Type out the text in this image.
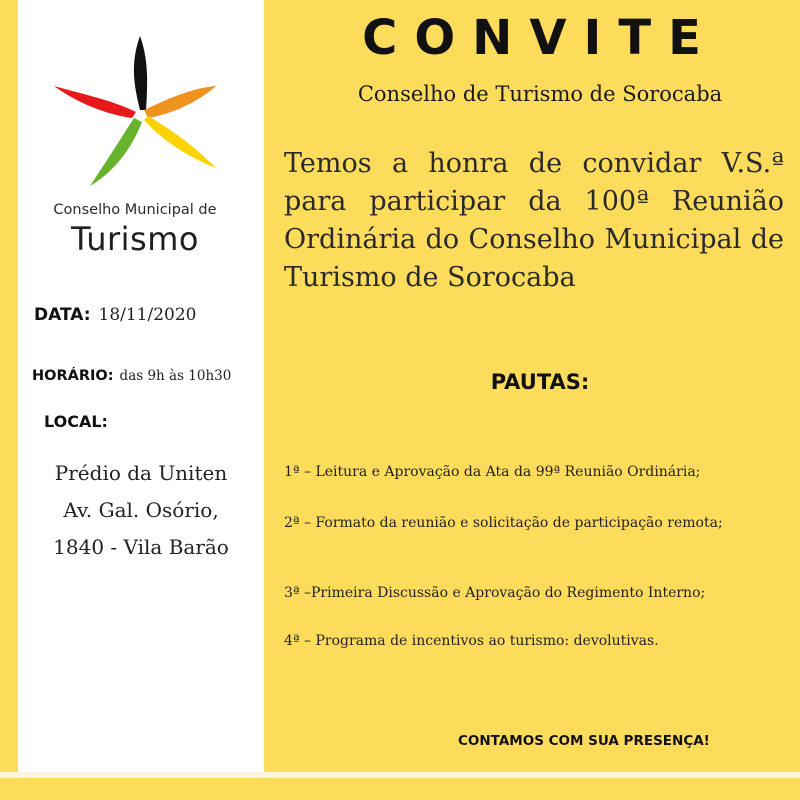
Conselho Municipal de
Turismo
DATA: 18/11/2020
HORÁRIO: das 9h às 10h30
LOCAL:
Prédio da Uniten
Av. Gal. Osório,
1840 - Vila Barão
CONVITE
Conselho de Turismo de Sorocaba
Temos a honra de convidar V.S.ª para participar da 100ª Reunião Ordinária do Conselho Municipal de Turismo de Sorocaba
PAUTAS:
1ª – Leitura e Aprovação da Ata da 99ª Reunião Ordinária;
2ª – Formato da reunião e solicitação de participação remota;
3ª –Primeira Discussão e Aprovação do Regimento Interno;
4ª – Programa de incentivos ao turismo: devolutivas.
CONTAMOS COM SUA PRESENÇA!
